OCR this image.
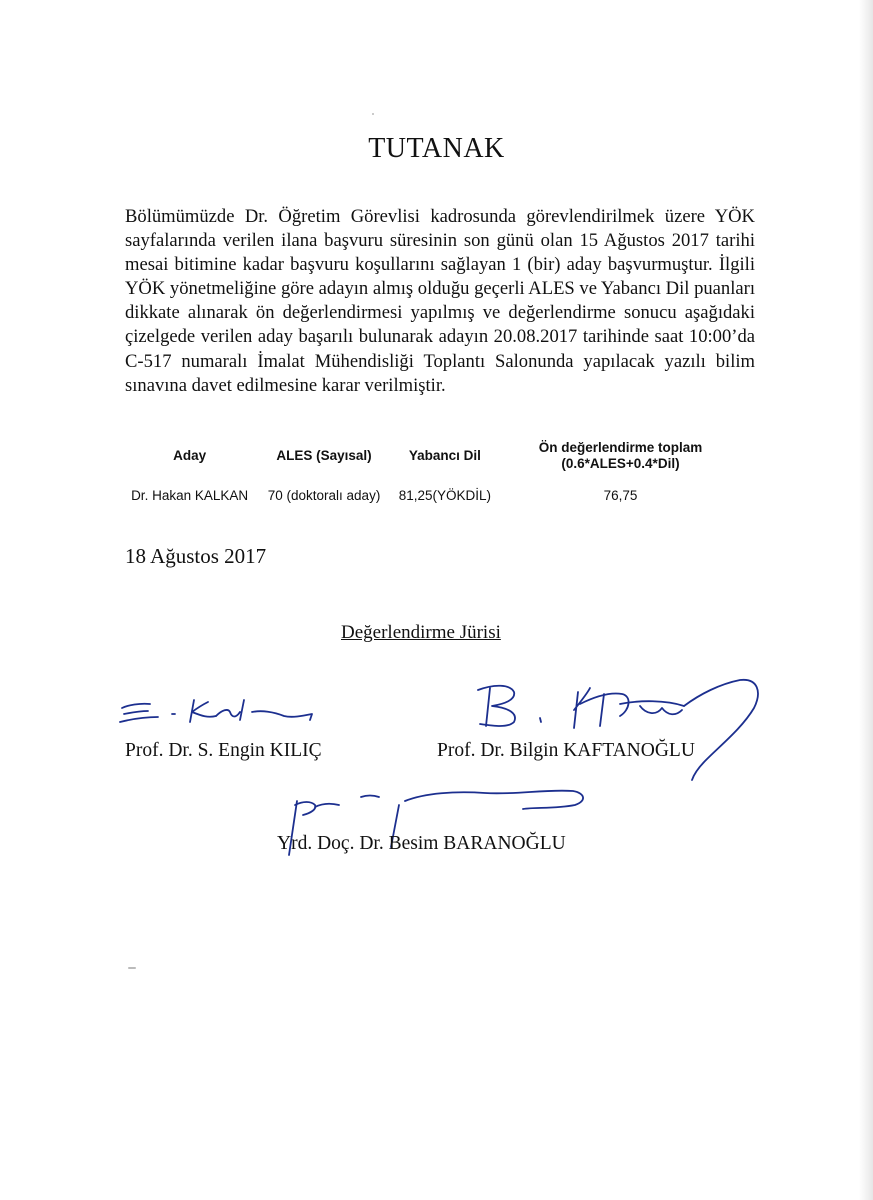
TUTANAK

Bölümümüzde Dr. Öğretim Görevlisi kadrosunda görevlendirilmek üzere YÖK sayfalarında verilen ilana başvuru süresinin son günü olan 15 Ağustos 2017 tarihi mesai bitimine kadar başvuru koşullarını sağlayan 1 (bir) aday başvurmuştur. İlgili YÖK yönetmeliğine göre adayın almış olduğu geçerli ALES ve Yabancı Dil puanları dikkate alınarak ön değerlendirmesi yapılmış ve değerlendirme sonucu aşağıdaki çizelgede verilen aday başarılı bulunarak adayın 20.08.2017 tarihinde saat 10:00’da C-517 numaralı İmalat Mühendisliği Toplantı Salonunda yapılacak yazılı bilim sınavına davet edilmesine karar verilmiştir.

Aday	ALES (Sayısal)	Yabancı Dil	Ön değerlendirme toplam (0.6*ALES+0.4*Dil)
Dr. Hakan KALKAN	70 (doktoralı aday)	81,25(YÖKDİL)	76,75
18 Ağustos 2017
Değerlendirme Jürisi
Prof. Dr. S. Engin KILIÇ	Prof. Dr. Bilgin KAFTANOĞLU
Yrd. Doç. Dr. Besim BARANOĞLU
